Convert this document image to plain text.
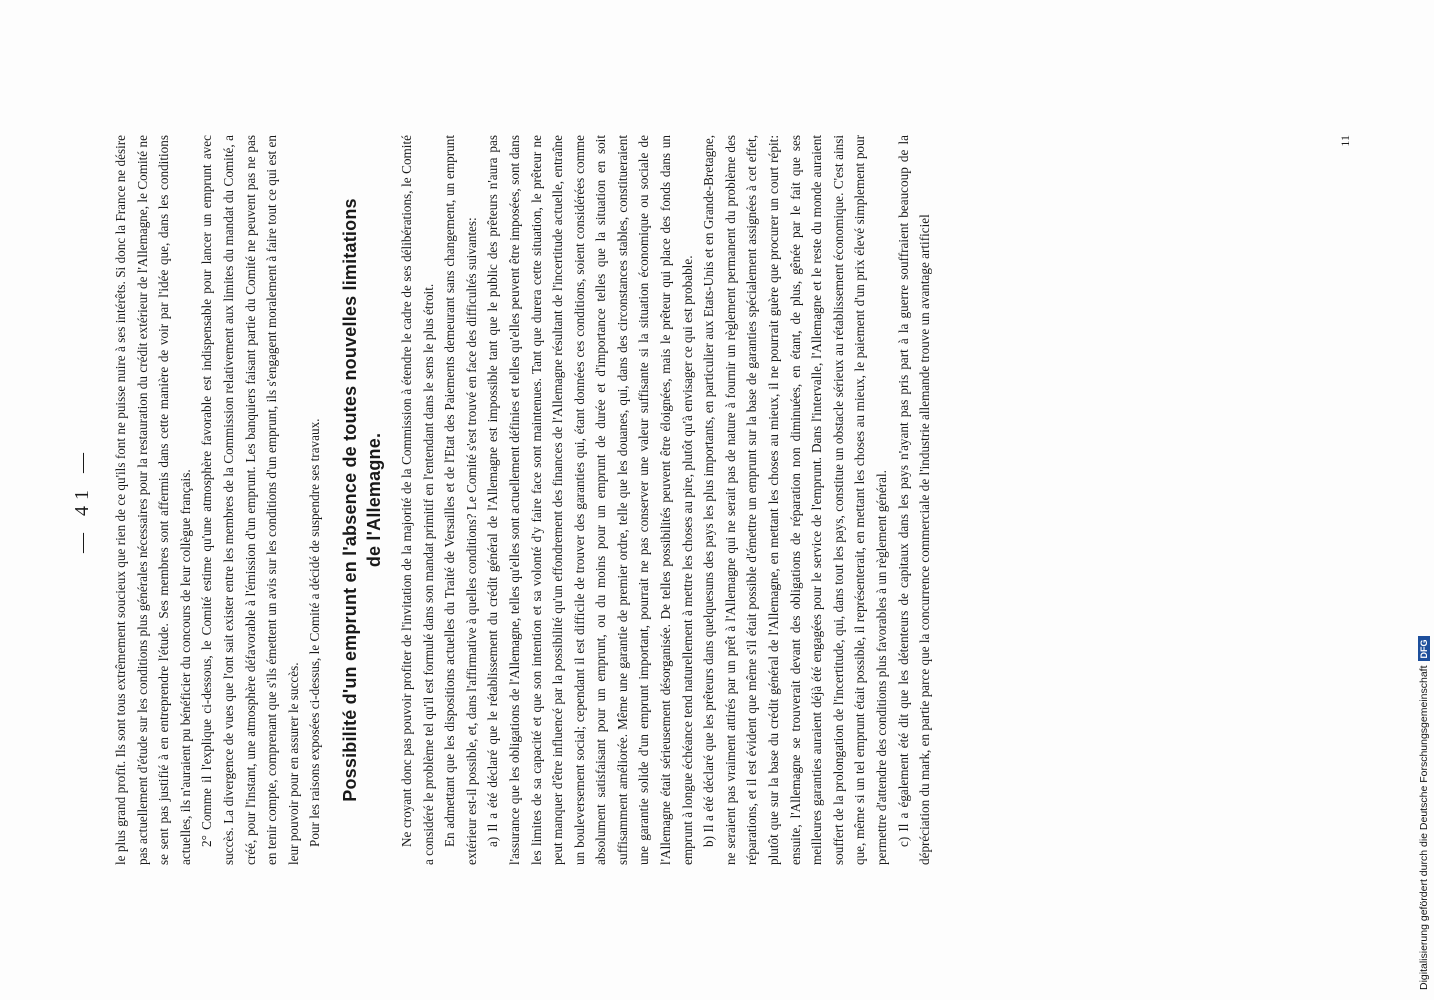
— 41 —	le plus grand profit. Ils sont tous extrêmement soucieux que rien de ce qu'ils font ne puisse nuire à ses intérêts. Si donc la France ne désire pas actuellement d'étude sur les conditions plus générales nécessaires pour la restauration du crédit extérieur de l'Allemagne, le Comité ne se sent pas justifié à en entreprendre l'étude. Ses membres sont affermis dans cette manière de voir par l'idée que, dans les conditions actuelles, ils n'auraient pu bénéficier du concours de leur collègue français. 2° Comme il l'explique ci-dessous, le Comité estime qu'une atmosphère favorable est indispensable pour lancer un emprunt avec succès. La divergence de vues que l'ont sait exister entre les membres de la Commission relativement aux limites du mandat du Comité, a créé, pour l'instant, une atmosphère défavorable à l'émission d'un emprunt. Les banquiers faisant partie du Comité ne peuvent pas ne pas en tenir compte, comprenant que s'ils émettent un avis sur les conditions d'un emprunt, ils s'engagent moralement à faire tout ce qui est en leur pouvoir pour en assurer le succès. Pour les raisons exposées ci-dessus, le Comité a décidé de suspendre ses travaux. Possibilité d'un emprunt en l'absence de toutes nouvelles limitations de l'Allemagne. Ne croyant donc pas pouvoir profiter de l'invitation de la majorité de la Commission à étendre le cadre de ses délibérations, le Comité a considéré le problème tel qu'il est formulé dans son mandat primitif en l'entendant dans le sens le plus étroit. En admettant que les dispositions actuelles du Traité de Versailles et de l'Etat des Paiements demeurant sans changement, un emprunt extérieur est-il possible, et, dans l'affirmative à quelles conditions? Le Comité s'est trouvé en face des difficultés suivantes: a) Il a été déclaré que le rétablissement du crédit général de l'Allemagne est impossible tant que le public des prêteurs n'aura pas l'assurance que les obligations de l'Allemagne, telles qu'elles sont actuellement définies et telles qu'elles peuvent être imposées, sont dans les limites de sa capacité et que son intention et sa volonté d'y faire face sont maintenues. Tant que durera cette situation, le prêteur ne peut manquer d'être influencé par la possibilité qu'un effondrement des finances de l'Allemagne résultant de l'incertitude actuelle, entraîne un bouleversement social; cependant il est difficile de trouver des garanties qui, étant données ces conditions, soient considérées comme absolument satisfaisant pour un emprunt, ou du moins pour un emprunt de durée et d'importance telles que la situation en soit suffisamment améliorée. Même une garantie de premier ordre, telle que les douanes, qui, dans des circonstances stables, constitueraient une garantie solide d'un emprunt important, pourrait ne pas conserver une valeur suffisante si la situation économique ou sociale de l'Allemagne était sérieusement désorganisée. De telles possibilités peuvent être éloignées, mais le prêteur qui place des fonds dans un emprunt à longue échéance tend naturellement à mettre les choses au pire, plutôt qu'à envisager ce qui est probable. b) Il a été déclaré que les prêteurs dans quelquesuns des pays les plus importants, en particulier aux Etats-Unis et en Grande-Bretagne, ne seraient pas vraiment attirés par un prêt à l'Allemagne qui ne serait pas de nature à fournir un règlement permanent du problème des réparations, et il est évident que même s'il était possible d'émettre un emprunt sur la base de garanties spécialement assignées à cet effet, plutôt que sur la base du crédit général de l'Allemagne, en mettant les choses au mieux, il ne pourrait guère que procurer un court répit: ensuite, l'Allemagne se trouverait devant des obligations de réparation non diminuées, en étant, de plus, gênée par le fait que ses meilleures garanties auraient déjà été engagées pour le service de l'emprunt. Dans l'intervalle, l'Allemagne et le reste du monde auraient souffert de la prolongation de l'incertitude, qui, dans tout les pays, constitue un obstacle sérieux au rétablissement économique. C'est ainsi que, même si un tel emprunt était possible, il représenterait, en mettant les choses au mieux, le paiement d'un prix élevé simplement pour permettre d'attendre des conditions plus favorables à un règlement général. c) Il a également été dit que les détenteurs de capitaux dans les pays n'ayant pas pris part à la guerre souffraient beaucoup de la dépréciation du mark, en partie parce que la concurrence commerciale de l'industrie allemande trouve un avantage artificiel

11
Digitalisierung gefördert durch die Deutsche Forschungsgemeinschaft
DFG
